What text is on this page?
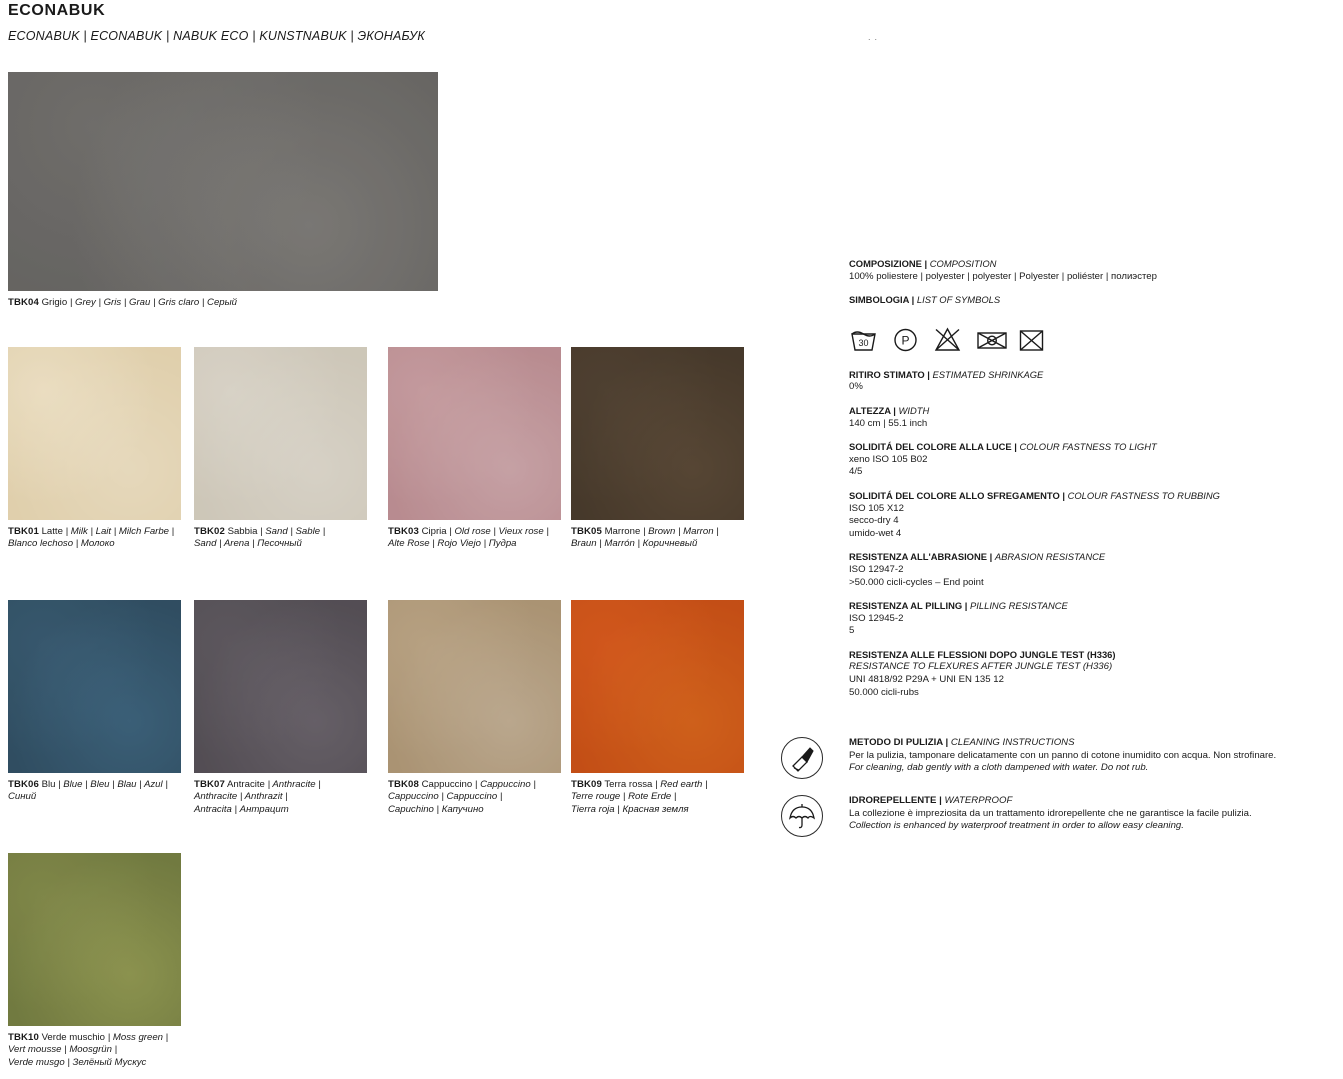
ECONABUK
ECONABUK | ECONABUK | NABUK ECO | KUNSTNABUK | ЭКОНАБУК	..
TBK04 Grigio | Grey | Gris | Grau | Gris claro | Серый
TBK01 Latte | Milk | Lait | Milch Farbe |
Blanco lechoso | Молоко
TBK02 Sabbia | Sand | Sable |
Sand | Arena | Песочный
TBK03 Cipria | Old rose | Vieux rose |
Alte Rose | Rojo Viejo | Пудра
TBK05 Marrone | Brown | Marron |
Braun | Marrón | Коричневый
TBK06 Blu | Blue | Bleu | Blau | Azul |
Синий
TBK07 Antracite | Anthracite |
Anthracite | Anthrazit |
Antracita | Антрацит
TBK08 Cappuccino | Cappuccino |
Cappuccino | Cappuccino |
Capuchino | Капучино
TBK09 Terra rossa | Red earth |
Terre rouge | Rote Erde |
Tierra roja | Красная земля
TBK10 Verde muschio | Moss green |
Vert mousse | Moosgrün |
Verde musgo | Зелёный Мускус
30	P
COMPOSIZIONE | COMPOSITION
100% poliestere | polyester | polyester | Polyester | poliéster | полиэстер
SIMBOLOGIA | LIST OF SYMBOLS
RITIRO STIMATO | ESTIMATED SHRINKAGE
0%
ALTEZZA | WIDTH
140 cm | 55.1 inch
SOLIDITÁ DEL COLORE ALLA LUCE | COLOUR FASTNESS TO LIGHT
xeno ISO 105 B02
4/5
SOLIDITÁ DEL COLORE ALLO SFREGAMENTO | COLOUR FASTNESS TO RUBBING
ISO 105 X12
secco-dry 4
umido-wet 4
RESISTENZA ALL'ABRASIONE | ABRASION RESISTANCE
ISO 12947-2
>50.000 cicli-cycles – End point
RESISTENZA AL PILLING | PILLING RESISTANCE
ISO 12945-2
5
RESISTENZA ALLE FLESSIONI DOPO JUNGLE TEST (H336)
RESISTANCE TO FLEXURES AFTER JUNGLE TEST (H336)
UNI 4818/92 P29A + UNI EN 135 12
50.000 cicli-rubs
METODO DI PULIZIA | CLEANING INSTRUCTIONS
Per la pulizia, tamponare delicatamente con un panno di cotone inumidito con acqua. Non strofinare. For cleaning, dab gently with a cloth dampened with water. Do not rub.
IDROREPELLENTE | WATERPROOF
La collezione è impreziosita da un trattamento idrorepellente che ne garantisce la facile pulizia. Collection is enhanced by waterproof treatment in order to allow easy cleaning.
